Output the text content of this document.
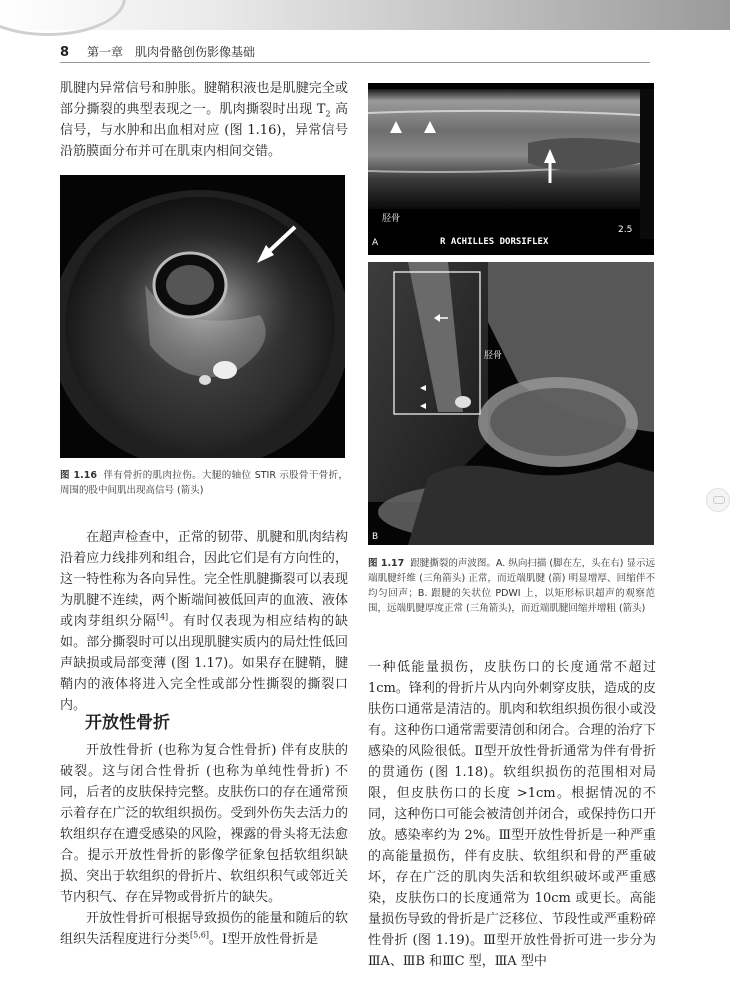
8 第一章　肌肉骨骼创伤影像基础

肌腱内异常信号和肿胀。腱鞘积液也是肌腱完全或部分撕裂的典型表现之一。肌肉撕裂时出现 $T_2$ 高信号，与水肿和出血相对应 (图 1.16)，异常信号沿筋膜面分布并可在肌束内相间交错。

图 1.16 伴有骨折的肌肉拉伤。大腿的轴位 STIR 示股骨干骨折，周围的股中间肌出现高信号 (箭头)

在超声检查中，正常的韧带、肌腱和肌肉结构沿着应力线排列和组合，因此它们是有方向性的，这一特性称为各向异性。完全性肌腱撕裂可以表现为肌腱不连续，两个断端间被低回声的血液、液体或肉芽组织分隔[4]。有时仅表现为相应结构的缺如。部分撕裂时可以出现肌腱实质内的局灶性低回声缺损或局部变薄 (图 1.17)。如果存在腱鞘，腱鞘内的液体将进入完全性或部分性撕裂的撕裂口内。

开放性骨折

开放性骨折 (也称为复合性骨折) 伴有皮肤的破裂。这与闭合性骨折 (也称为单纯性骨折) 不同，后者的皮肤保持完整。皮肤伤口的存在通常预示着存在广泛的软组织损伤。受到外伤失去活力的软组织存在遭受感染的风险，裸露的骨头将无法愈合。提示开放性骨折的影像学征象包括软组织缺损、突出于软组织的骨折片、软组织积气或邻近关节内积气、存在异物或骨折片的缺失。

开放性骨折可根据导致损伤的能量和随后的软组织失活程度进行分类[5,6]。Ⅰ型开放性骨折是

胫骨
2.5
A	R ACHILLES DORSIFLEX
胫骨
B
图 1.17 跟腱撕裂的声波图。A. 纵向扫描 (脚在左，头在右) 显示远端肌腱纤维 (三角箭头) 正常，而近端肌腱 (箭) 明显增厚、回缩伴不均匀回声；B. 跟腱的矢状位 PDWI 上，以矩形标识超声的观察范围，远端肌腱厚度正常 (三角箭头)，而近端肌腱回缩并增粗 (箭头)

一种低能量损伤，皮肤伤口的长度通常不超过 1cm。锋利的骨折片从内向外刺穿皮肤，造成的皮肤伤口通常是清洁的。肌肉和软组织损伤很小或没有。这种伤口通常需要清创和闭合。合理的治疗下感染的风险很低。Ⅱ型开放性骨折通常为伴有骨折的贯通伤 (图 1.18)。软组织损伤的范围相对局限，但皮肤伤口的长度 >1cm。根据情况的不同，这种伤口可能会被清创并闭合，或保持伤口开放。感染率约为 2%。Ⅲ型开放性骨折是一种严重的高能量损伤，伴有皮肤、软组织和骨的严重破坏，存在广泛的肌肉失活和软组织破坏或严重感染，皮肤伤口的长度通常为 10cm 或更长。高能量损伤导致的骨折是广泛移位、节段性或严重粉碎性骨折 (图 1.19)。Ⅲ型开放性骨折可进一步分为ⅢA、ⅢB 和ⅢC 型，ⅢA 型中
